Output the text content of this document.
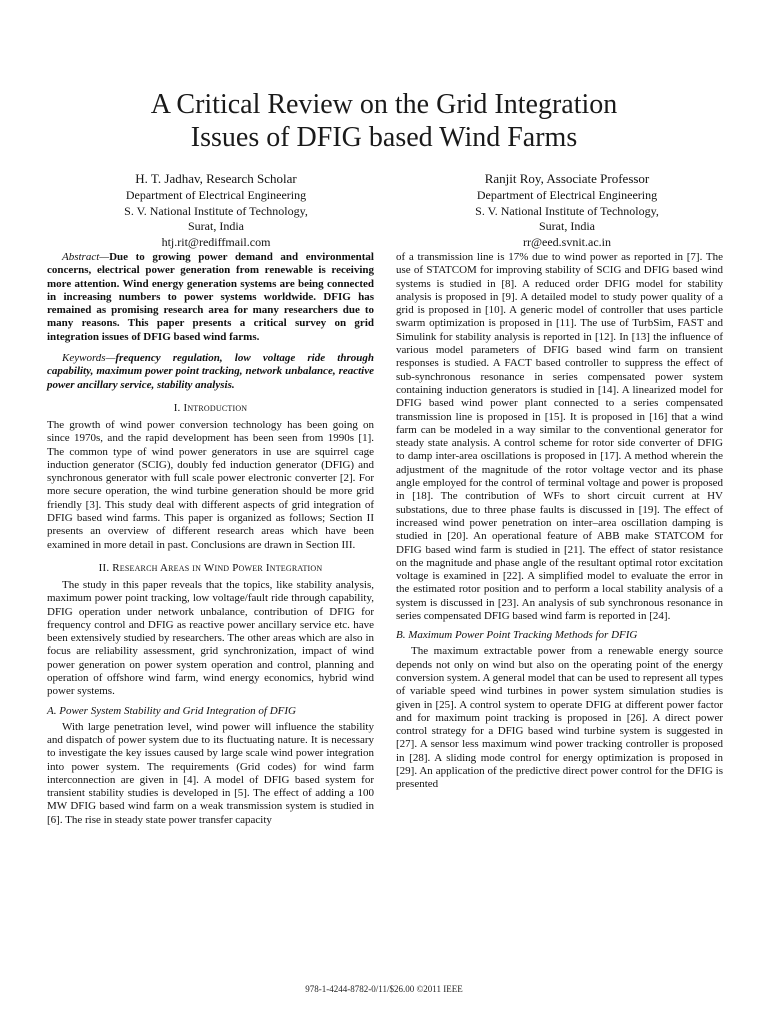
A Critical Review on the Grid Integration
Issues of DFIG based Wind Farms
H. T. Jadhav, Research Scholar
Department of Electrical Engineering
S. V. National Institute of Technology,
Surat, India
htj.rit@rediffmail.com
Ranjit Roy, Associate Professor
Department of Electrical Engineering
S. V. National Institute of Technology,
Surat, India
rr@eed.svnit.ac.in

Abstract—Due to growing power demand and environmental concerns, electrical power generation from renewable is receiving more attention. Wind energy generation systems are being connected in increasing numbers to power systems worldwide. DFIG has remained as promising research area for many researchers due to many reasons. This paper presents a critical survey on grid integration issues of DFIG based wind farms.

Keywords—frequency regulation, low voltage ride through capability, maximum power point tracking, network unbalance, reactive power ancillary service, stability analysis.

I. Introduction

The growth of wind power conversion technology has been going on since 1970s, and the rapid development has been seen from 1990s [1]. The common type of wind power generators in use are squirrel cage induction generator (SCIG), doubly fed induction generator (DFIG) and synchronous generator with full scale power electronic converter [2]. For more secure operation, the wind turbine generation should be more grid friendly [3]. This study deal with different aspects of grid integration of DFIG based wind farms. This paper is organized as follows; Section II presents an overview of different research areas which have been examined in more detail in past. Conclusions are drawn in Section III.

II. Research Areas in Wind Power Integration

The study in this paper reveals that the topics, like stability analysis, maximum power point tracking, low voltage/fault ride through capability, DFIG operation under network unbalance, contribution of DFIG for frequency control and DFIG as reactive power ancillary service etc. have been extensively studied by researchers. The other areas which are also in focus are reliability assessment, grid synchronization, impact of wind power generation on power system operation and control, planning and operation of offshore wind farm, wind energy economics, hybrid wind power systems.

A. Power System Stability and Grid Integration of DFIG

With large penetration level, wind power will influence the stability and dispatch of power system due to its fluctuating nature. It is necessary to investigate the key issues caused by large scale wind power integration into power system. The requirements (Grid codes) for wind farm interconnection are given in [4]. A model of DFIG based system for transient stability studies is developed in [5]. The effect of adding a 100 MW DFIG based wind farm on a weak transmission system is studied in [6]. The rise in steady state power transfer capacity

of a transmission line is 17% due to wind power as reported in [7]. The use of STATCOM for improving stability of SCIG and DFIG based wind systems is studied in [8]. A reduced order DFIG model for stability analysis is proposed in [9]. A detailed model to study power quality of a grid is proposed in [10]. A generic model of controller that uses particle swarm optimization is proposed in [11]. The use of TurbSim, FAST and Simulink for stability analysis is reported in [12]. In [13] the influence of various model parameters of DFIG based wind farm on transient responses is studied. A FACT based controller to suppress the effect of sub-synchronous resonance in series compensated power system containing induction generators is studied in [14]. A linearized model for DFIG based wind power plant connected to a series compensated transmission line is proposed in [15]. It is proposed in [16] that a wind farm can be modeled in a way similar to the conventional generator for steady state analysis. A control scheme for rotor side converter of DFIG to damp inter-area oscillations is proposed in [17]. A method wherein the adjustment of the magnitude of the rotor voltage vector and its phase angle employed for the control of terminal voltage and power is proposed in [18]. The contribution of WFs to short circuit current at HV substations, due to three phase faults is discussed in [19]. The effect of increased wind power penetration on inter–area oscillation damping is studied in [20]. An operational feature of ABB make STATCOM for DFIG based wind farm is studied in [21]. The effect of stator resistance on the magnitude and phase angle of the resultant optimal rotor excitation voltage is examined in [22]. A simplified model to evaluate the error in the estimated rotor position and to perform a local stability analysis of a system is discussed in [23]. An analysis of sub synchronous resonance in series compensated DFIG based wind farm is reported in [24].

B. Maximum Power Point Tracking Methods for DFIG

The maximum extractable power from a renewable energy source depends not only on wind but also on the operating point of the energy conversion system. A general model that can be used to represent all types of variable speed wind turbines in power system simulation studies is given in [25]. A control system to operate DFIG at different power factor and for maximum point tracking is proposed in [26]. A direct power control strategy for a DFIG based wind turbine system is suggested in [27]. A sensor less maximum wind power tracking controller is proposed in [28]. A sliding mode control for energy optimization is proposed in [29]. An application of the predictive direct power control for the DFIG is presented

978-1-4244-8782-0/11/$26.00 ©2011 IEEE
